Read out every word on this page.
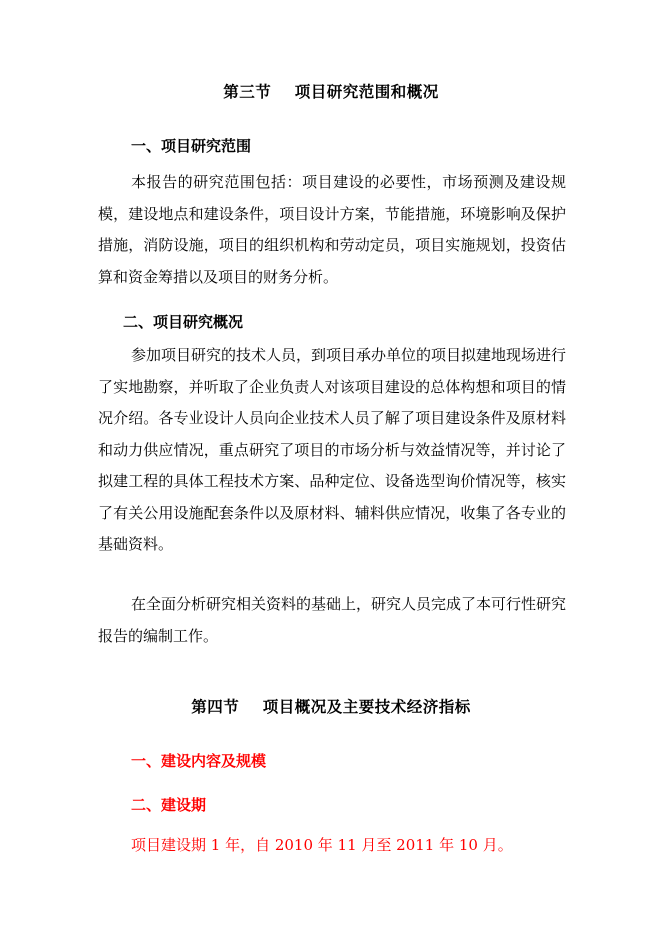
第三节    项目研究范围和概况
一、项目研究范围

本报告的研究范围包括：项目建设的必要性，市场预测及建设规模，建设地点和建设条件，项目设计方案，节能措施，环境影响及保护措施，消防设施，项目的组织机构和劳动定员，项目实施规划，投资估算和资金筹措以及项目的财务分析。

二、项目研究概况

参加项目研究的技术人员，到项目承办单位的项目拟建地现场进行了实地勘察，并听取了企业负责人对该项目建设的总体构想和项目的情况介绍。各专业设计人员向企业技术人员了解了项目建设条件及原材料和动力供应情况，重点研究了项目的市场分析与效益情况等，并讨论了拟建工程的具体工程技术方案、品种定位、设备选型询价情况等，核实了有关公用设施配套条件以及原材料、辅料供应情况，收集了各专业的基础资料。

在全面分析研究相关资料的基础上，研究人员完成了本可行性研究报告的编制工作。

第四节    项目概况及主要技术经济指标
一、建设内容及规模
二、建设期
项目建设期 1 年，自 2010 年 11 月至 2011 年 10 月。
